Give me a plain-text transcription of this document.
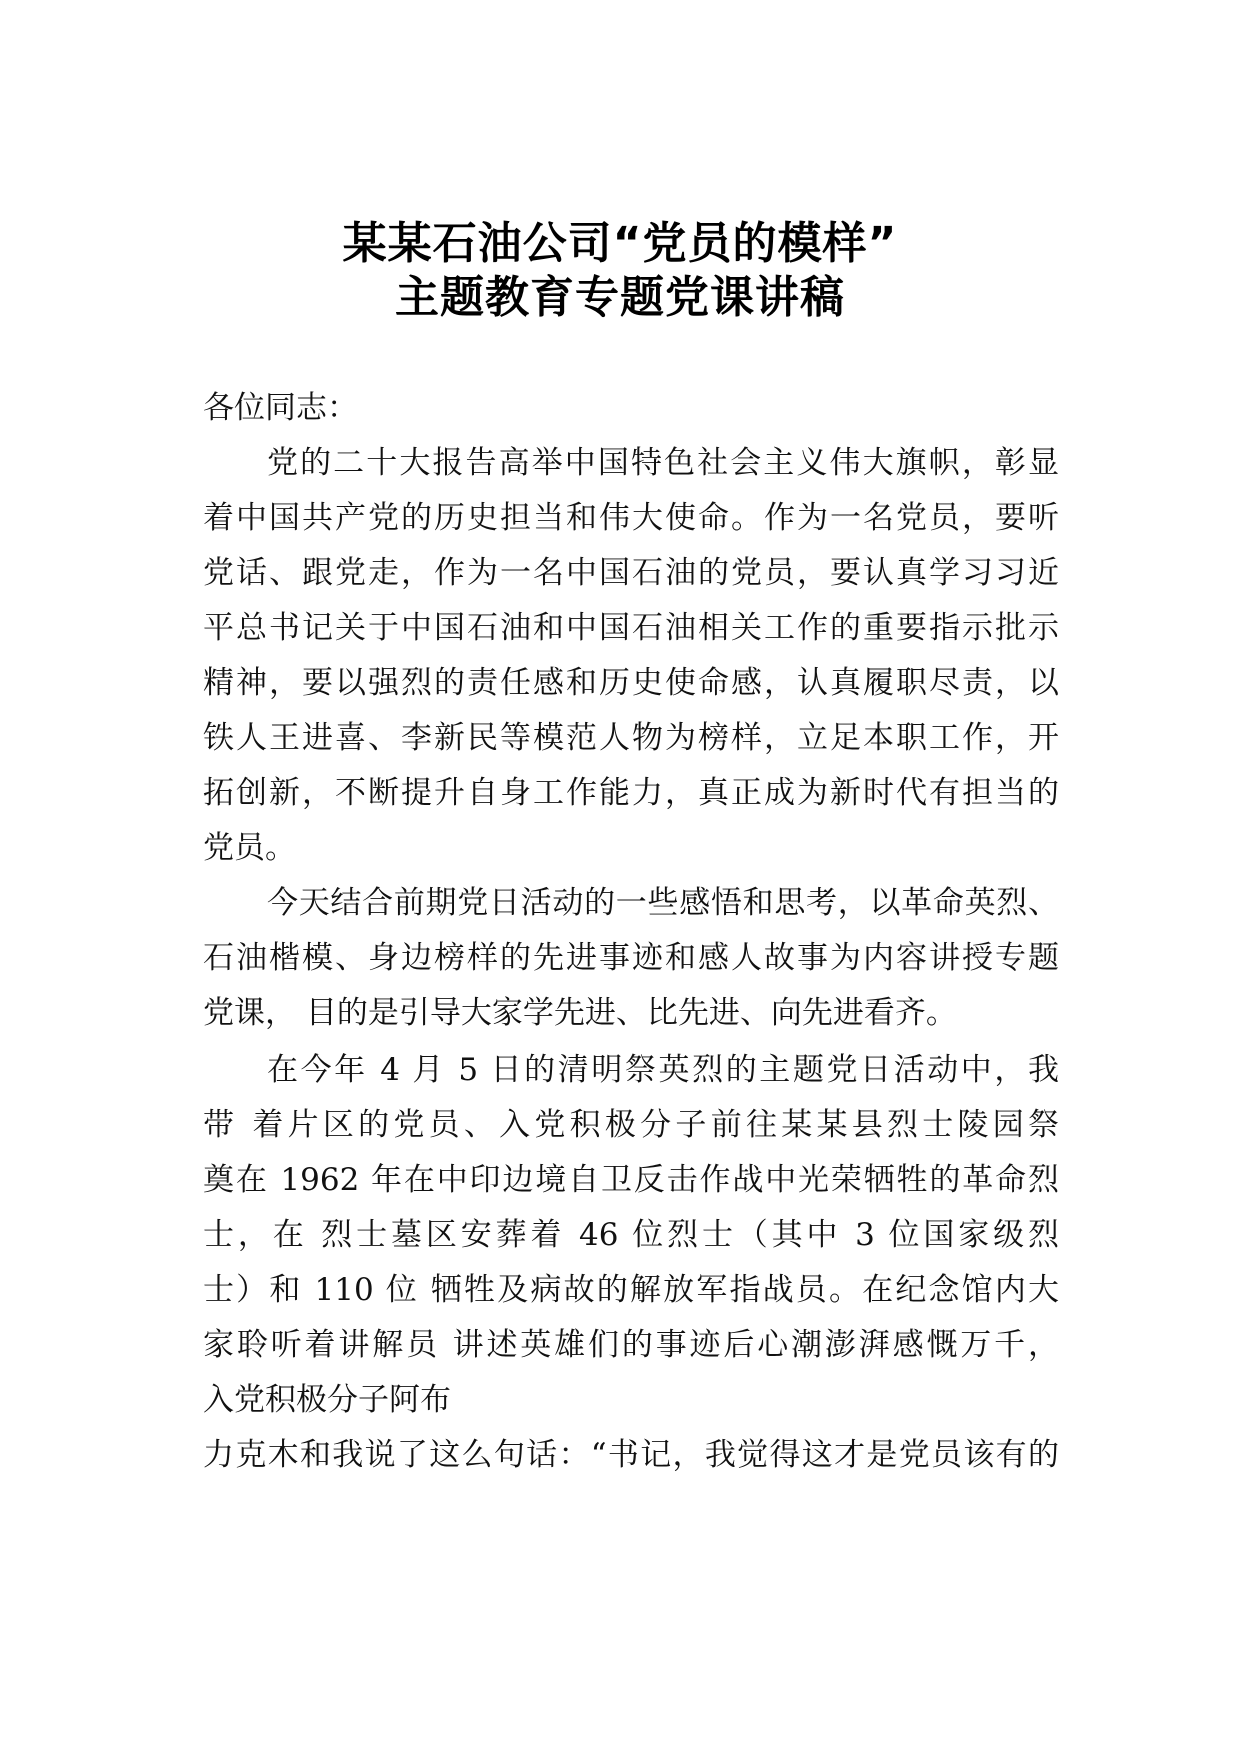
某某石油公司“党员的模样”
主题教育专题党课讲稿
各位同志：
党的二十大报告高举中国特色社会主义伟大旗帜，彰显
着中国共产党的历史担当和伟大使命。作为一名党员，要听
党话、跟党走，作为一名中国石油的党员，要认真学习习近
平总书记关于中国石油和中国石油相关工作的重要指示批示
精神，要以强烈的责任感和历史使命感，认真履职尽责，以
铁人王进喜、李新民等模范人物为榜样，立足本职工作，开
拓创新，不断提升自身工作能力，真正成为新时代有担当的
党员。
今天结合前期党日活动的一些感悟和思考，以革命英烈、
石油楷模、身边榜样的先进事迹和感人故事为内容讲授专题
党课， 目的是引导大家学先进、比先进、向先进看齐。
在今年 4 月 5 日的清明祭英烈的主题党日活动中，我
带 着片区的党员、入党积极分子前往某某县烈士陵园祭
奠在 1962 年在中印边境自卫反击作战中光荣牺牲的革命烈
士，在 烈士墓区安葬着 46 位烈士（其中 3 位国家级烈
士）和 110 位 牺牲及病故的解放军指战员。在纪念馆内大
家聆听着讲解员 讲述英雄们的事迹后心潮澎湃感慨万千，
入党积极分子阿布
力克木和我说了这么句话：“书记，我觉得这才是党员该有的
